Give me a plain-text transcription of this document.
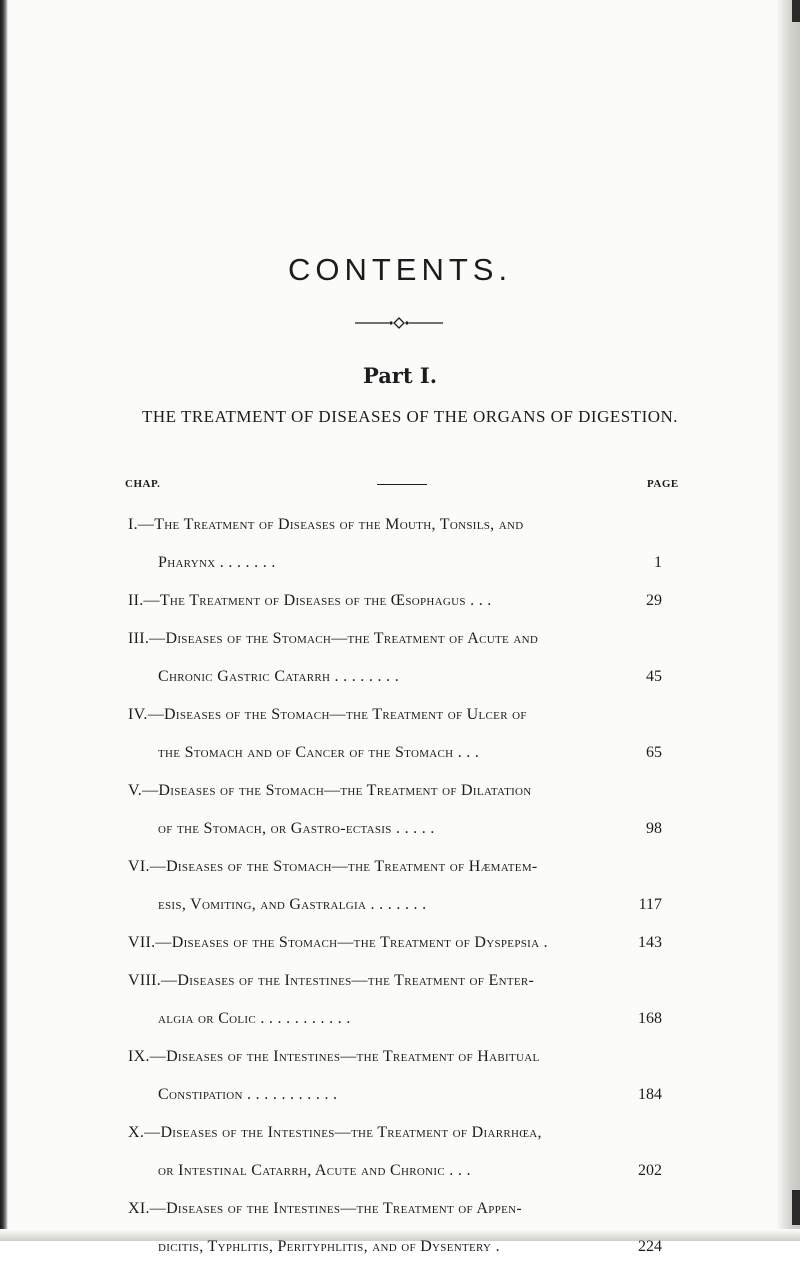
CONTENTS.
Part I.
THE TREATMENT OF DISEASES OF THE ORGANS OF DIGESTION.
CHAP.	PAGE
I.—The Treatment of Diseases of the Mouth, Tonsils, and
Pharynx . . . . . . .	1
II.—The Treatment of Diseases of the Œsophagus . . .	29
III.—Diseases of the Stomach—the Treatment of Acute and
Chronic Gastric Catarrh . . . . . . . .	45
IV.—Diseases of the Stomach—the Treatment of Ulcer of
the Stomach and of Cancer of the Stomach . . .	65
V.—Diseases of the Stomach—the Treatment of Dilatation
of the Stomach, or Gastro-ectasis . . . . .	98
VI.—Diseases of the Stomach—the Treatment of Hæmatem-
esis, Vomiting, and Gastralgia . . . . . . .	117
VII.—Diseases of the Stomach—the Treatment of Dyspepsia .	143
VIII.—Diseases of the Intestines—the Treatment of Enter-
algia or Colic . . . . . . . . . . .	168
IX.—Diseases of the Intestines—the Treatment of Habitual
Constipation . . . . . . . . . . .	184
X.—Diseases of the Intestines—the Treatment of Diarrhœa,
or Intestinal Catarrh, Acute and Chronic . . .	202
XI.—Diseases of the Intestines—the Treatment of Appen-
dicitis, Typhlitis, Perityphlitis, and of Dysentery .	224
